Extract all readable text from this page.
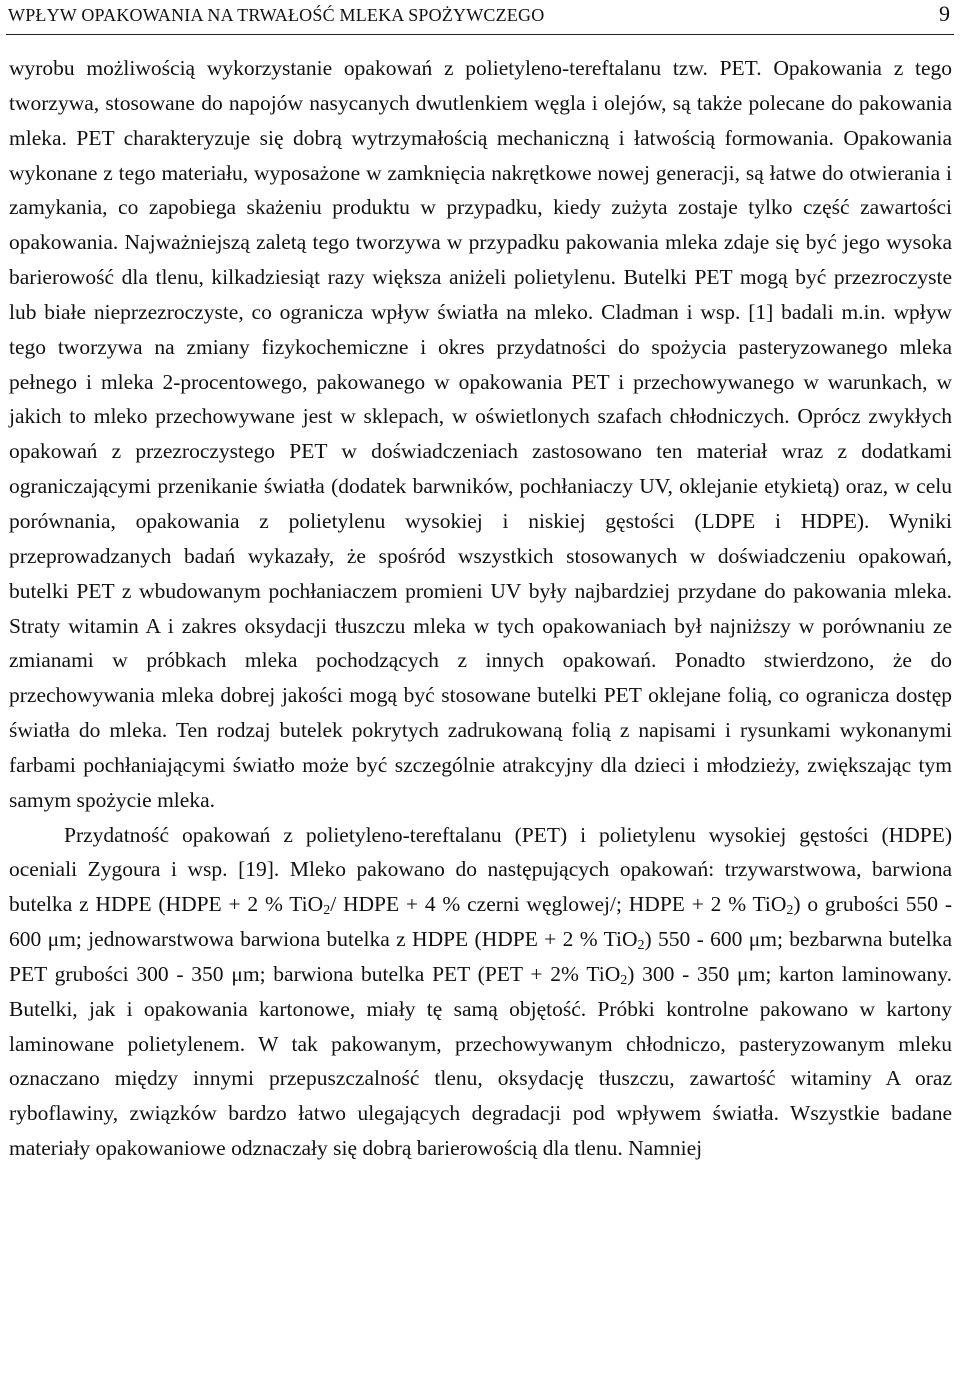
WPŁYW OPAKOWANIA NA TRWAŁOŚĆ MLEKA SPOŻYWCZEGO	9

wyrobu możliwością wykorzystanie opakowań z polietyleno-tereftalanu tzw. PET. Opakowania z tego tworzywa, stosowane do napojów nasycanych dwutlenkiem węgla i olejów, są także polecane do pakowania mleka. PET charakteryzuje się dobrą wytrzymałością mechaniczną i łatwością formowania. Opakowania wykonane z tego materiału, wyposażone w zamknięcia nakrętkowe nowej generacji, są łatwe do otwierania i zamykania, co zapobiega skażeniu produktu w przypadku, kiedy zużyta zostaje tylko część zawartości opakowania. Najważniejszą zaletą tego tworzywa w przypadku pakowania mleka zdaje się być jego wysoka barierowość dla tlenu, kilkadziesiąt razy większa aniżeli polietylenu. Butelki PET mogą być przezroczyste lub białe nieprzezroczyste, co ogranicza wpływ światła na mleko. Cladman i wsp. [1] badali m.in. wpływ tego tworzywa na zmiany fizykochemiczne i okres przydatności do spożycia pasteryzowanego mleka pełnego i mleka 2-procentowego, pakowanego w opakowania PET i przechowywanego w warunkach, w jakich to mleko przechowywane jest w sklepach, w oświetlonych szafach chłodniczych. Oprócz zwykłych opakowań z przezroczystego PET w doświadczeniach zastosowano ten materiał wraz z dodatkami ograniczającymi przenikanie światła (dodatek barwników, pochłaniaczy UV, oklejanie etykietą) oraz, w celu porównania, opakowania z polietylenu wysokiej i niskiej gęstości (LDPE i HDPE). Wyniki przeprowadzanych badań wykazały, że spośród wszystkich stosowanych w doświadczeniu opakowań, butelki PET z wbudowanym pochłaniaczem promieni UV były najbardziej przydane do pakowania mleka. Straty witamin A i zakres oksydacji tłuszczu mleka w tych opakowaniach był najniższy w porównaniu ze zmianami w próbkach mleka pochodzących z innych opakowań. Ponadto stwierdzono, że do przechowywania mleka dobrej jakości mogą być stosowane butelki PET oklejane folią, co ogranicza dostęp światła do mleka. Ten rodzaj butelek pokrytych zadrukowaną folią z napisami i rysunkami wykonanymi farbami pochłaniającymi światło może być szczególnie atrakcyjny dla dzieci i młodzieży, zwiększając tym samym spożycie mleka.

Przydatność opakowań z polietyleno-tereftalanu (PET) i polietylenu wysokiej gęstości (HDPE) oceniali Zygoura i wsp. [19]. Mleko pakowano do następujących opakowań: trzywarstwowa, barwiona butelka z HDPE (HDPE + 2 % TiO$_2$/ HDPE + 4 % czerni węglowej/; HDPE + 2 % TiO$_2$) o grubości 550 - 600 μm; jednowarstwowa barwiona butelka z HDPE (HDPE + 2 % TiO$_2$) 550 - 600 μm; bezbarwna butelka PET grubości 300 - 350 μm; barwiona butelka PET (PET + 2% TiO$_2$) 300 - 350 μm; karton laminowany. Butelki, jak i opakowania kartonowe, miały tę samą objętość. Próbki kontrolne pakowano w kartony laminowane polietylenem. W tak pakowanym, przechowywanym chłodniczo, pasteryzowanym mleku oznaczano między innymi przepuszczalność tlenu, oksydację tłuszczu, zawartość witaminy A oraz ryboflawiny, związków bardzo łatwo ulegających degradacji pod wpływem światła. Wszystkie badane materiały opakowaniowe odznaczały się dobrą barierowością dla tlenu. Namniej
